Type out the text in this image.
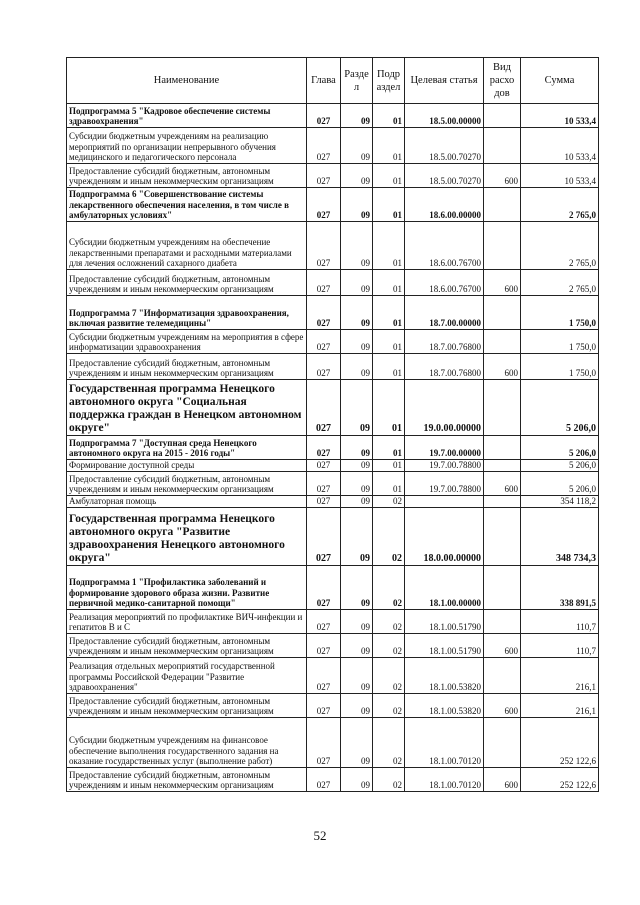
Наименование	Глава	Разде л	Подр аздел	Целевая статья	Вид расхо дов	Сумма
Подпрограмма 5 "Кадровое обеспечение системы здравоохранения"	027	09	01	18.5.00.00000		10 533,4
Субсидии бюджетным учреждениям на реализацию мероприятий по организации непрерывного обучения медицинского и педагогического персонала	027	09	01	18.5.00.70270		10 533,4
Предоставление субсидий бюджетным, автономным учреждениям и иным некоммерческим организациям	027	09	01	18.5.00.70270	600	10 533,4
Подпрограмма 6 "Совершенствование системы лекарственного обеспечения населения, в том числе в амбулаторных условиях"	027	09	01	18.6.00.00000		2 765,0
Субсидии бюджетным учреждениям на обеспечение лекарственными препаратами и расходными материалами для лечения осложнений сахарного диабета	027	09	01	18.6.00.76700		2 765,0
Предоставление субсидий бюджетным, автономным учреждениям и иным некоммерческим организациям	027	09	01	18.6.00.76700	600	2 765,0
Подпрограмма 7 "Информатизация здравоохранения, включая развитие телемедицины"	027	09	01	18.7.00.00000		1 750,0
Субсидии бюджетным учреждениям на мероприятия в сфере информатизации здравоохранения	027	09	01	18.7.00.76800		1 750,0
Предоставление субсидий бюджетным, автономным учреждениям и иным некоммерческим организациям	027	09	01	18.7.00.76800	600	1 750,0
Государственная программа Ненецкого автономного округа "Социальная поддержка граждан в Ненецком автономном округе"	027	09	01	19.0.00.00000		5 206,0
Подпрограмма 7 "Доступная среда Ненецкого автономного округа на 2015 - 2016 годы"	027	09	01	19.7.00.00000		5 206,0
Формирование доступной среды	027	09	01	19.7.00.78800		5 206,0
Предоставление субсидий бюджетным, автономным учреждениям и иным некоммерческим организациям	027	09	01	19.7.00.78800	600	5 206,0
Амбулаторная помощь	027	09	02			354 118,2
Государственная программа Ненецкого автономного округа "Развитие здравоохранения Ненецкого автономного округа"	027	09	02	18.0.00.00000		348 734,3
Подпрограмма 1 "Профилактика заболеваний и формирование здорового образа жизни. Развитие первичной медико-санитарной помощи"	027	09	02	18.1.00.00000		338 891,5
Реализация мероприятий по профилактике ВИЧ-инфекции и гепатитов В и С	027	09	02	18.1.00.51790		110,7
Предоставление субсидий бюджетным, автономным учреждениям и иным некоммерческим организациям	027	09	02	18.1.00.51790	600	110,7
Реализация отдельных мероприятий государственной программы Российской Федерации "Развитие здравоохранения"	027	09	02	18.1.00.53820		216,1
Предоставление субсидий бюджетным, автономным учреждениям и иным некоммерческим организациям	027	09	02	18.1.00.53820	600	216,1
Субсидии бюджетным учреждениям на финансовое обеспечение выполнения государственного задания на оказание государственных услуг (выполнение работ)	027	09	02	18.1.00.70120		252 122,6
Предоставление субсидий бюджетным, автономным учреждениям и иным некоммерческим организациям	027	09	02	18.1.00.70120	600	252 122,6
52
